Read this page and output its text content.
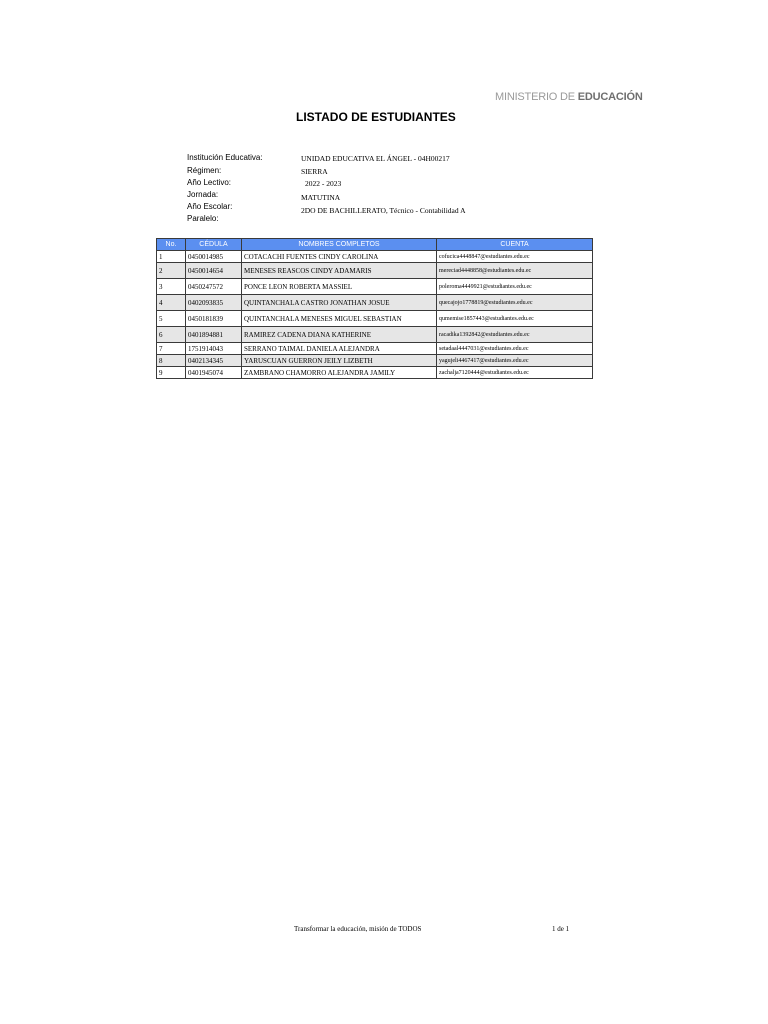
MINISTERIO DE EDUCACIÓN
LISTADO DE ESTUDIANTES
Institución Educativa:	UNIDAD EDUCATIVA EL ÁNGEL - 04H00217
Régimen:	SIERRA
Año Lectivo:	2022 - 2023
Jornada:	MATUTINA
Año Escolar:	2DO DE BACHILLERATO, Técnico - Contabilidad A
Paralelo:
No.	CÉDULA	NOMBRES COMPLETOS	CUENTA
1	0450014985	COTACACHI FUENTES CINDY CAROLINA	cofucica4448847@estudiantes.edu.ec
2	0450014654	MENESES REASCOS CINDY ADAMARIS	mereciad4448858@estudiantes.edu.ec
3	0450247572	PONCE LEON ROBERTA MASSIEL	poleroma4449921@estudiantes.edu.ec
4	0402093835	QUINTANCHALA CASTRO JONATHAN JOSUE	quecajojo1778819@estudiantes.edu.ec
5	0450181839	QUINTANCHALA MENESES MIGUEL SEBASTIAN	qumemise1857443@estudiantes.edu.ec
6	0401894881	RAMIREZ CADENA DIANA KATHERINE	racadika1392842@estudiantes.edu.ec
7	1751914043	SERRANO TAIMAL DANIELA ALEJANDRA	setadaal4447031@estudiantes.edu.ec
8	0402134345	YARUSCUAN GUERRON JEILY LIZBETH	yagujeli4467417@estudiantes.edu.ec
9	0401945074	ZAMBRANO CHAMORRO ALEJANDRA JAMILY	zachalja7120444@estudiantes.edu.ec
Transformar la educación, misión de TODOS	1 de 1
